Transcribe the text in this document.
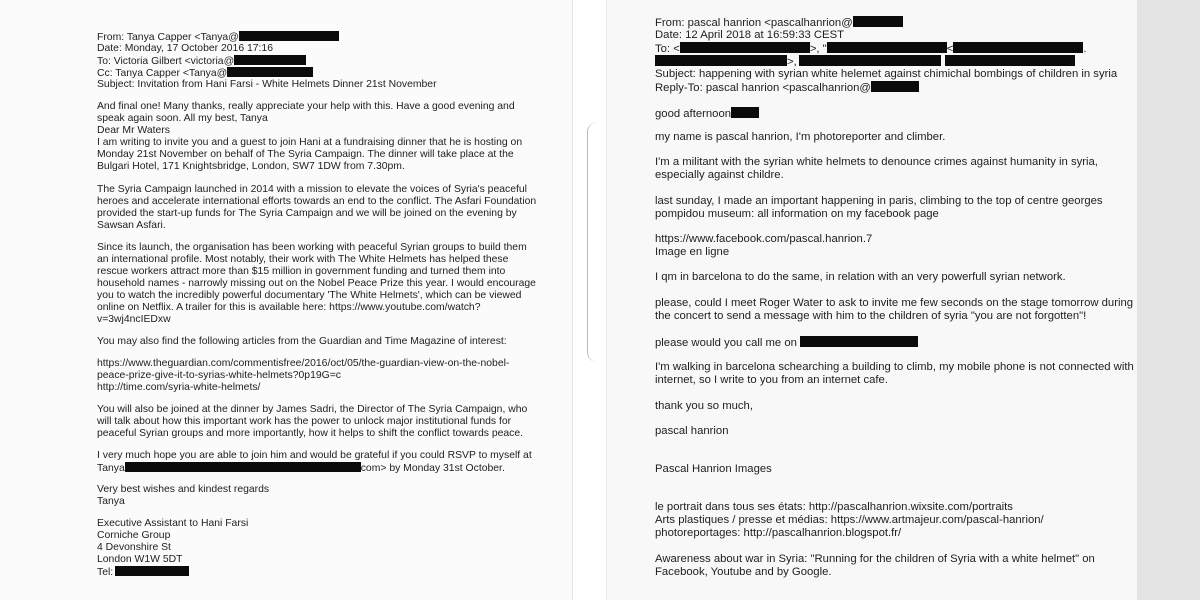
From: Tanya Capper <Tanya@
Date: Monday, 17 October 2016 17:16
To: Victoria Gilbert <victoria@
Cc: Tanya Capper <Tanya@
Subject: Invitation from Hani Farsi - White Helmets Dinner 21st November
And final one! Many thanks, really appreciate your help with this. Have a good evening and
speak again soon. All my best, Tanya
Dear Mr Waters
I am writing to invite you and a guest to join Hani at a fundraising dinner that he is hosting on
Monday 21st November on behalf of The Syria Campaign. The dinner will take place at the
Bulgari Hotel, 171 Knightsbridge, London, SW7 1DW from 7.30pm.
The Syria Campaign launched in 2014 with a mission to elevate the voices of Syria's peaceful
heroes and accelerate international efforts towards an end to the conflict. The Asfari Foundation
provided the start-up funds for The Syria Campaign and we will be joined on the evening by
Sawsan Asfari.
Since its launch, the organisation has been working with peaceful Syrian groups to build them
an international profile. Most notably, their work with The White Helmets has helped these
rescue workers attract more than $15 million in government funding and turned them into
household names - narrowly missing out on the Nobel Peace Prize this year. I would encourage
you to watch the incredibly powerful documentary 'The White Helmets', which can be viewed
online on Netflix. A trailer for this is available here: https://www.youtube.com/watch?
v=3wj4ncIEDxw
You may also find the following articles from the Guardian and Time Magazine of interest:
https://www.theguardian.com/commentisfree/2016/oct/05/the-guardian-view-on-the-nobel-
peace-prize-give-it-to-syrias-white-helmets?0p19G=c
http://time.com/syria-white-helmets/
You will also be joined at the dinner by James Sadri, the Director of The Syria Campaign, who
will talk about how this important work has the power to unlock major institutional funds for
peaceful Syrian groups and more importantly, how it helps to shift the conflict towards peace.
I very much hope you are able to join him and would be grateful if you could RSVP to myself at
Tanya	com> by Monday 31st October.
Very best wishes and kindest regards
Tanya
Executive Assistant to Hani Farsi
Corniche Group
4 Devonshire St
London W1W 5DT
Tel:
From: pascal hanrion <pascalhanrion@
Date: 12 April 2018 at 16:59:33 CEST
To: <	>, "	<	.
>,
Subject: happening with syrian white helemet against chimichal bombings of children in syria
Reply-To: pascal hanrion <pascalhanrion@
good afternoon
my name is pascal hanrion, I'm photoreporter and climber.
I'm a militant with the syrian white helmets to denounce crimes against humanity in syria,
especially against childre.
last sunday, I made an important happening in paris, climbing to the top of centre georges
pompidou museum: all information on my facebook page
https://www.facebook.com/pascal.hanrion.7
Image en ligne
I qm in barcelona to do the same, in relation with an very powerfull syrian network.
please, could I meet Roger Water to ask to invite me few seconds on the stage tomorrow during
the concert to send a message with him to the children of syria "you are not forgotten"!
please would you call me on
I'm walking in barcelona schearching a building to climb, my mobile phone is not connected with
internet, so I write to you from an internet cafe.
thank you so much,
pascal hanrion
Pascal Hanrion Images
le portrait dans tous ses états: http://pascalhanrion.wixsite.com/portraits
Arts plastiques / presse et médias: https://www.artmajeur.com/pascal-hanrion/
photoreportages: http://pascalhanrion.blogspot.fr/
Awareness about war in Syria: "Running for the children of Syria with a white helmet" on
Facebook, Youtube and by Google.
